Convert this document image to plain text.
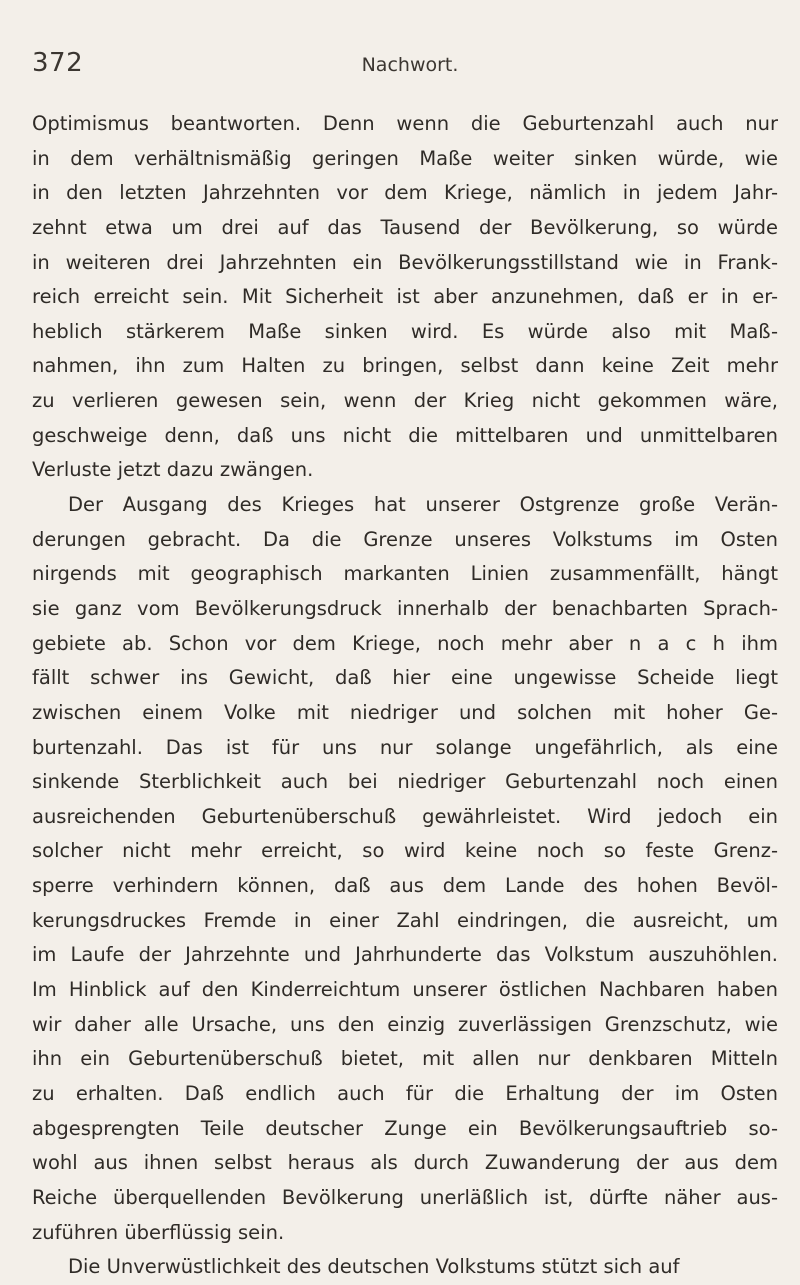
372	Nachwort.
Optimismus beantworten. Denn wenn die Geburtenzahl auch nur
in dem verhältnismäßig geringen Maße weiter sinken würde, wie
in den letzten Jahrzehnten vor dem Kriege, nämlich in jedem Jahr-
zehnt etwa um drei auf das Tausend der Bevölkerung, so würde
in weiteren drei Jahrzehnten ein Bevölkerungsstillstand wie in Frank-
reich erreicht sein. Mit Sicherheit ist aber anzunehmen, daß er in er-
heblich stärkerem Maße sinken wird. Es würde also mit Maß-
nahmen, ihn zum Halten zu bringen, selbst dann keine Zeit mehr
zu verlieren gewesen sein, wenn der Krieg nicht gekommen wäre,
geschweige denn, daß uns nicht die mittelbaren und unmittelbaren
Verluste jetzt dazu zwängen.
Der Ausgang des Krieges hat unserer Ostgrenze große Verän-
derungen gebracht. Da die Grenze unseres Volkstums im Osten
nirgends mit geographisch markanten Linien zusammenfällt, hängt
sie ganz vom Bevölkerungsdruck innerhalb der benachbarten Sprach-
gebiete ab. Schon vor dem Kriege, noch mehr aber n a c h ihm
fällt schwer ins Gewicht, daß hier eine ungewisse Scheide liegt
zwischen einem Volke mit niedriger und solchen mit hoher Ge-
burtenzahl. Das ist für uns nur solange ungefährlich, als eine
sinkende Sterblichkeit auch bei niedriger Geburtenzahl noch einen
ausreichenden Geburtenüberschuß gewährleistet. Wird jedoch ein
solcher nicht mehr erreicht, so wird keine noch so feste Grenz-
sperre verhindern können, daß aus dem Lande des hohen Bevöl-
kerungsdruckes Fremde in einer Zahl eindringen, die ausreicht, um
im Laufe der Jahrzehnte und Jahrhunderte das Volkstum auszuhöhlen.
Im Hinblick auf den Kinderreichtum unserer östlichen Nachbaren haben
wir daher alle Ursache, uns den einzig zuverlässigen Grenzschutz, wie
ihn ein Geburtenüberschuß bietet, mit allen nur denkbaren Mitteln
zu erhalten. Daß endlich auch für die Erhaltung der im Osten
abgesprengten Teile deutscher Zunge ein Bevölkerungsauftrieb so-
wohl aus ihnen selbst heraus als durch Zuwanderung der aus dem
Reiche überquellenden Bevölkerung unerläßlich ist, dürfte näher aus-
zuführen überflüssig sein.
Die Unverwüstlichkeit des deutschen Volkstums stützt sich auf
